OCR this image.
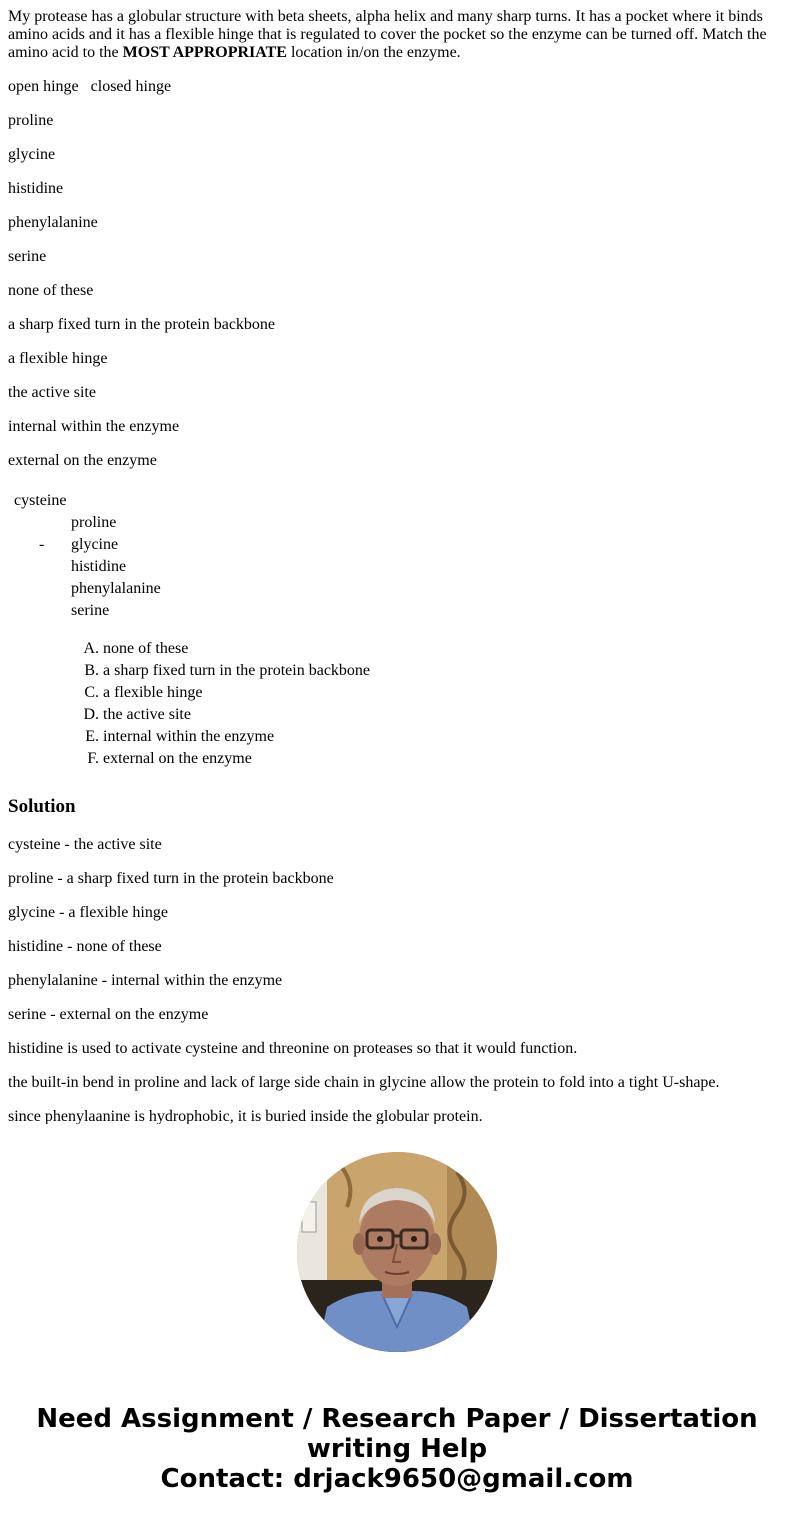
My protease has a globular structure with beta sheets, alpha helix and many sharp turns. It has a pocket where it binds amino acids and it has a flexible hinge that is regulated to cover the pocket so the enzyme can be turned off. Match the amino acid to the MOST APPROPRIATE location in/on the enzyme.

open hinge closed hinge

proline

glycine

histidine

phenylalanine

serine

none of these

a sharp fixed turn in the protein backbone

a flexible hinge

the active site

internal within the enzyme

external on the enzyme

cysteine
proline
-	glycine
histidine
phenylalanine
serine
A.
none of these
B.
a sharp fixed turn in the protein backbone
C.
a flexible hinge
D.
the active site
E.
internal within the enzyme
F.
external on the enzyme
Solution

cysteine - the active site

proline - a sharp fixed turn in the protein backbone

glycine - a flexible hinge

histidine - none of these

phenylalanine - internal within the enzyme

serine - external on the enzyme

histidine is used to activate cysteine and threonine on proteases so that it would function.

the built-in bend in proline and lack of large side chain in glycine allow the protein to fold into a tight U-shape.

since phenylaanine is hydrophobic, it is buried inside the globular protein.
Need Assignment / Research Paper / Dissertation
writing Help
Contact: drjack9650@gmail.com
